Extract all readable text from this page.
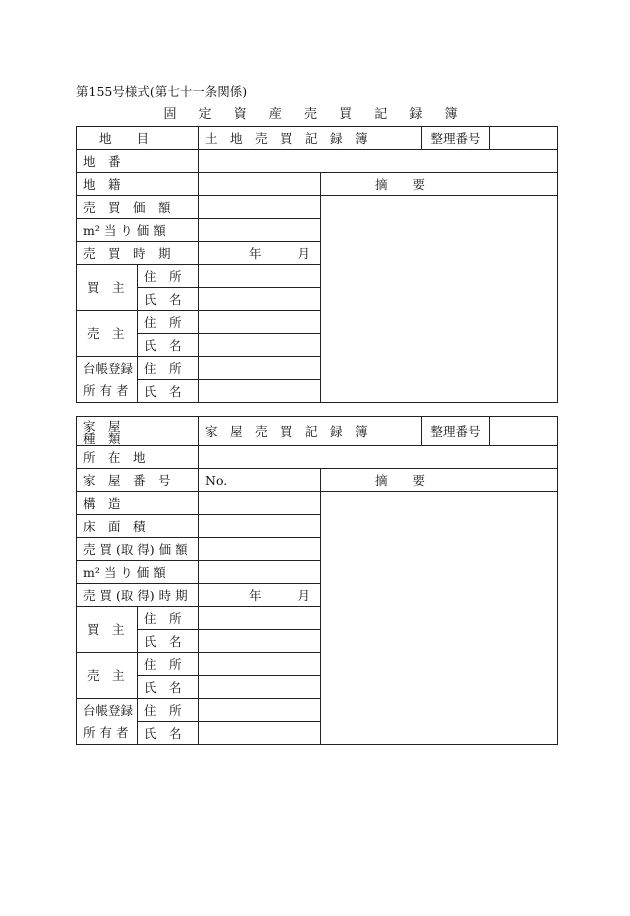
第155号様式(第七十一条関係)
固 定 資 産 売 買 記 録 簿
地　　目		土　地　売　買　記　録　簿		整理番号	

地　番					

地　籍			摘　　要		

売　買　価　額					

m² 当 り 価 額					

売　買　時　期		年 月			

買　主	住　所				
	氏　名				

売　主	住　所				
	氏　名				
台帳登録	住　所				
所 有 者	氏　名				
家　屋
種　類		家　屋　売　買　記　録　簿		整理番号	

所　在　地					

家　屋　番　号		No.	摘　　要		

構　造					

床　面　積					

売 買 (取 得) 価 額					
m² 当 り 価 額					
売 買 (取 得) 時 期		年 月			

買　主	住　所				
	氏　名				

売　主	住　所				
	氏　名				
台帳登録	住　所				
所 有 者	氏　名				
